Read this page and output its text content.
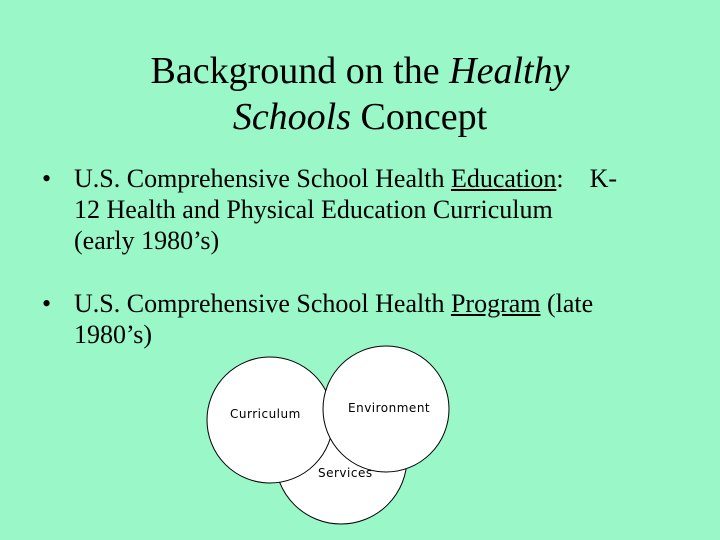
Background on the Healthy
Schools Concept
• U.S. Comprehensive School Health Education: K-
12 Health and Physical Education Curriculum
(early 1980’s)
• U.S. Comprehensive School Health Program (late
1980’s)
Curriculum	Environment
Services
